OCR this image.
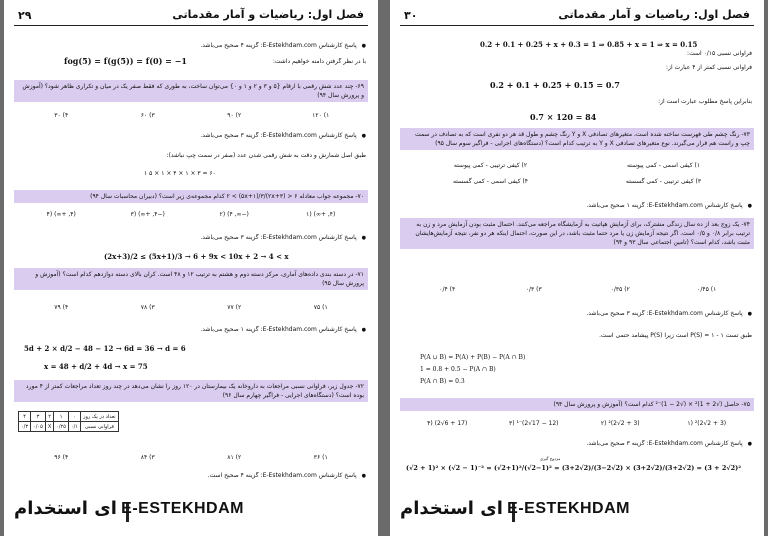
۲۹	فصل اول: ریاضیات و آمار مقدماتی
● پاسخ کارشناس E-Estekhdam.com: گزینه ۴ صحیح می‌باشد.
fog(5) = f(g(5)) = f(0) = −1	با در نظر گرفتن دامنه خواهیم داشت:
۶۹- چند عدد شش رقمی با ارقام {۵ و ۳ و ۲ و ۱ و ۰} می‌توان ساخت، به طوری که فقط صفر یک در میان و تکراری ظاهر شود؟ (آموزش و پرورش سال ۹۴)
۱) ۱۲۰
۲) ۹۰
۳) ۶۰
۴) ۳۰
● پاسخ کارشناس E-Estekhdam.com: گزینه ۳ صحیح می‌باشد.
طبق اصل شمارش و دقت به شش رقمی شدن عدد (صفر در سمت چپ نباشد):
۱ ۵ × ۱ × ۴ × ۱ × ۳ = ۶۰
۷۰- مجموعه جواب معادله ۶ < (۳+۲x)/۲ < (۵x+۱)/۳ کدام مجموعه‌ی زیر است؟ (دبیران محاسبات سال ۹۴)
(۴, +∞) (۱
(−∞, ۴) (۲
(−۴, +∞) (۳
(۴, +∞) (۴
● پاسخ کارشناس E-Estekhdam.com: گزینه ۳ صحیح می‌باشد.
(2x+3)/2 ≤ (5x+1)/3 → 6 + 9x < 10x + 2 → 4 < x
۷۱- در دسته بندی داده‌های آماری، مرکز دسته دوم و هشتم به ترتیب ۱۲ و ۴۸ است. کران بالای دسته دوازدهم کدام است؟ (آموزش و پرورش سال ۹۵)
۱) ۷۵
۲) ۷۷
۳) ۷۸
۴) ۷۹
● پاسخ کارشناس E-Estekhdam.com: گزینه ۱ صحیح می‌باشد.
5d + 2 × d/2 − 48 − 12 → 6d = 36 → d = 6
x = 48 + d/2 + 4d → x = 75
۷۲- جدول زیر، فراوانی نسبی مراجعات به داروخانه یک بیمارستان در ۱۲۰ روز را نشان می‌دهد در چند روز تعداد مراجعات کمتر از ۴ مورد بوده است؟ (دستگاه‌های اجرایی - فراگیر چهارم سال ۹۶)
تعداد در یک روز	۰	۱	۲	۳	۴
فراوانی نسبی	۰/۱	۰/۲۵	X	۰/۰۵	۰/۳
۱) ۳۶
۲) ۸۱
۳) ۸۴
۴) ۹۶
● پاسخ کارشناس E-Estekhdam.com: گزینه ۴ صحیح است.
ای استخدام E-ESTEKHDAM
۳۰	فصل اول: ریاضیات و آمار مقدماتی
0.2 + 0.1 + 0.25 + x + 0.3 = 1 ⇒ 0.85 + x = 1 ⇒ x = 0.15
فراوانی نسبی ۰/۱۵ است:
فراوانی نسبی کمتر از ۴ عبارت از:
0.2 + 0.1 + 0.25 + 0.15 = 0.7
بنابراین پاسخ مطلوب عبارت است از:
0.7 × 120 = 84
۷۳- رنگ چشم طی فهرست ساخته شده است، متغیرهای تصادفی X و Y رنگ چشم و طول قد هر دو نفری است که به تصادف در سمت چپ و راست هم قرار می‌گیرند. نوع متغیرهای تصادفی X و Y به ترتیب کدام است؟ (دستگاه‌های اجرایی - فراگیر سوم سال ۹۵)
۱) کیفی اسمی - کمی پیوسته
۲) کیفی ترتیبی - کمی پیوسته
۳) کیفی ترتیبی - کمی گسسته
۴) کیفی اسمی - کمی گسسته
● پاسخ کارشناس E-Estekhdam.com: گزینه ۱ صحیح می‌باشد.
۷۴- یک زوج بعد از ده سال زندگی مشترک، برای آزمایش هپاتیت به آزمایشگاه مراجعه می‌کنند. احتمال مثبت بودن آزمایش مرد و زن به ترتیب برابر ۰/۸ و ۰/۵ است. اگر نتیجه آزمایش زن یا مرد حتما مثبت باشد، در این صورت، احتمال اینکه هر دو نفر، نتیجه آزمایش‌هایشان مثبت باشد، کدام است؟ (تامین اجتماعی سال ۹۳ و ۹۴)
۱) ۰/۴۵
۲) ۰/۳۵
۳) ۰/۳
۴) ۰/۴
● پاسخ کارشناس E-Estekhdam.com: گزینه ۳ صحیح می‌باشد.
طبق تست ۱ - P(S) = ۱ است زیرا P(S) پیشامد حتمی است.
P(A ∪ B) = P(A) + P(B) − P(A ∩ B)
1 = 0.8 + 0.5 − P(A ∩ B)
P(A ∩ B) = 0.3
۷۵- حاصل (√2 + 1)² × (√2 − 1)⁻² کدام است؟ (آموزش و پرورش سال ۹۴)
(3 + 2√2)² (۱
(3 + 2√2)² (۲
(12 − 17√2)⁻¹ (۳
(17 + 6√2) (۴
● پاسخ کارشناس E-Estekhdam.com: گزینه ۳ صحیح می‌باشد.
(√2 + 1)² × (√2 − 1)⁻² = (√2+1)²/(√2−1)² = (3+2√2)/(3−2√2) × (3+2√2)/(3+2√2) = (3 + 2√2)²
مزدوج گیری
ای استخدام E-ESTEKHDAM
